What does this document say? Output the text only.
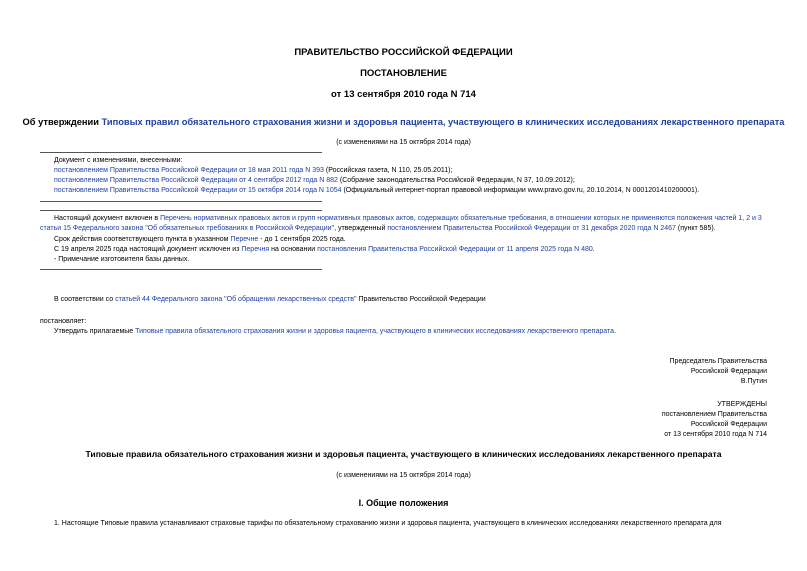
ПРАВИТЕЛЬСТВО РОССИЙСКОЙ ФЕДЕРАЦИИ
ПОСТАНОВЛЕНИЕ
от 13 сентября 2010 года N 714
Об утверждении Типовых правил обязательного страхования жизни и здоровья пациента, участвующего в клинических исследованиях лекарственного препарата
(с изменениями на 15 октября 2014 года)
Документ с изменениями, внесенными:
постановлением Правительства Российской Федерации от 18 мая 2011 года N 393 (Российская газета, N 110, 25.05.2011);
постановлением Правительства Российской Федерации от 4 сентября 2012 года N 882 (Собрание законодательства Российской Федерации, N 37, 10.09.2012);
постановлением Правительства Российской Федерации от 15 октября 2014 года N 1054 (Официальный интернет-портал правовой информации www.pravo.gov.ru, 20.10.2014, N 0001201410200001).
Настоящий документ включен в Перечень нормативных правовых актов и групп нормативных правовых актов, содержащих обязательные требования, в отношении которых не применяются положения частей 1, 2 и 3 статьи 15 Федерального закона "Об обязательных требованиях в Российской Федерации", утвержденный постановлением Правительства Российской Федерации от 31 декабря 2020 года N 2467 (пункт 585).
Срок действия соответствующего пункта в указанном Перечне - до 1 сентября 2025 года.
С 19 апреля 2025 года настоящий документ исключен из Перечня на основании постановления Правительства Российской Федерации от 11 апреля 2025 года N 480.
- Примечание изготовителя базы данных.
В соответствии со статьей 44 Федерального закона "Об обращении лекарственных средств" Правительство Российской Федерации
постановляет:
Утвердить прилагаемые Типовые правила обязательного страхования жизни и здоровья пациента, участвующего в клинических исследованиях лекарственного препарата.
Председатель Правительства
Российской Федерации
В.Путин
УТВЕРЖДЕНЫ
постановлением Правительства
Российской Федерации
от 13 сентября 2010 года N 714
Типовые правила обязательного страхования жизни и здоровья пациента, участвующего в клинических исследованиях лекарственного препарата
(с изменениями на 15 октября 2014 года)
I. Общие положения
1. Настоящие Типовые правила устанавливают страховые тарифы по обязательному страхованию жизни и здоровья пациента, участвующего в клинических исследованиях лекарственного препарата для
